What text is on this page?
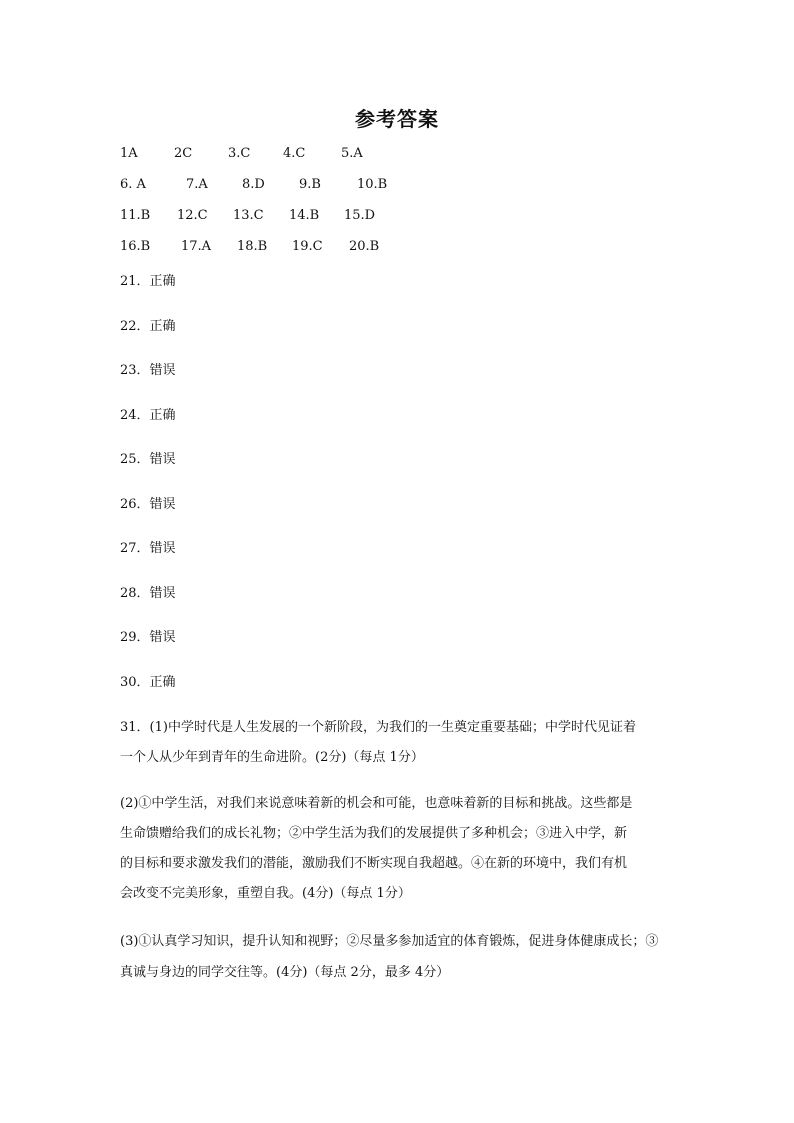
参考答案
1A	2C	3.C	4.C	5.A
6. A	7.A	8.D	9.B	10.B
11.B 12.C 13.C 14.B 15.D
16.B 17.A 18.B 19.C 20.B
21．正确
22．正确
23．错误
24．正确
25．错误
26．错误
27．错误
28．错误
29．错误
30．正确
31．(1)中学时代是人生发展的一个新阶段，为我们的一生奠定重要基础；中学时代见证着
一个人从少年到青年的生命进阶。(2分)（每点 1分）
(2)①中学生活，对我们来说意味着新的机会和可能，也意味着新的目标和挑战。这些都是
生命馈赠给我们的成长礼物；②中学生活为我们的发展提供了多种机会；③进入中学，新
的目标和要求激发我们的潜能，激励我们不断实现自我超越。④在新的环境中，我们有机
会改变不完美形象，重塑自我。(4分)（每点 1分）
(3)①认真学习知识，提升认知和视野；②尽量多参加适宜的体育锻炼，促进身体健康成长；③
真诚与身边的同学交往等。(4分)（每点 2分，最多 4分）
